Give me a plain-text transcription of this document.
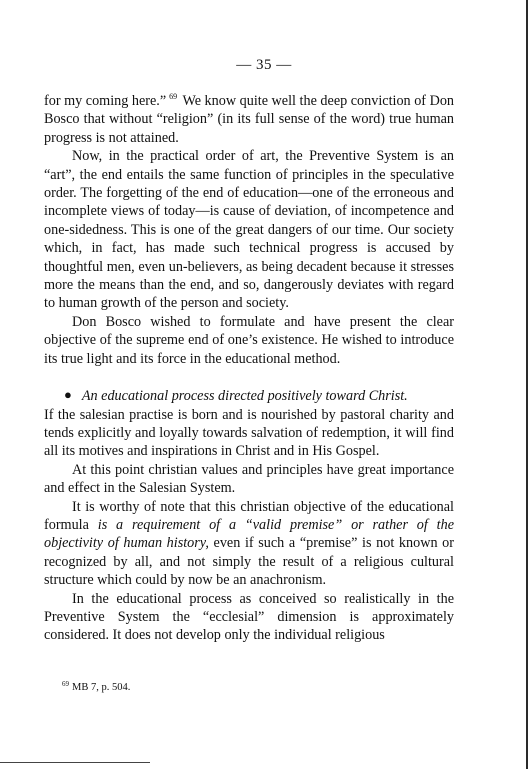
— 35 —

for my coming here.” $^{69}$ We know quite well the deep conviction of Don Bosco that without “religion” (in its full sense of the word) true human progress is not attained.

Now, in the practical order of art, the Preventive System is an “art”, the end entails the same function of principles in the speculative order. The forgetting of the end of education—one of the erroneous and incomplete views of today—is cause of deviation, of incompetence and one-sidedness. This is one of the great dangers of our time. Our society which, in fact, has made such technical progress is accused by thoughtful men, even un-believers, as being decadent because it stresses more the means than the end, and so, dangerously deviates with regard to human growth of the person and society.

Don Bosco wished to formulate and have present the clear objective of the supreme end of one’s existence. He wished to introduce its true light and its force in the educational method.

● An educational process directed positively toward Christ.

If the salesian practise is born and is nourished by pastoral charity and tends explicitly and loyally towards salvation of redemption, it will find all its motives and inspirations in Christ and in His Gospel.

At this point christian values and principles have great importance and effect in the Salesian System.

It is worthy of note that this christian objective of the educational formula is a requirement of a “valid premise” or rather of the objectivity of human history, even if such a “premise” is not known or recognized by all, and not simply the result of a religious cultural structure which could by now be an anachronism.

In the educational process as conceived so realistically in the Preventive System the “ecclesial” dimension is approximately considered. It does not develop only the individual religious

$^{69}$ MB 7, p. 504.
